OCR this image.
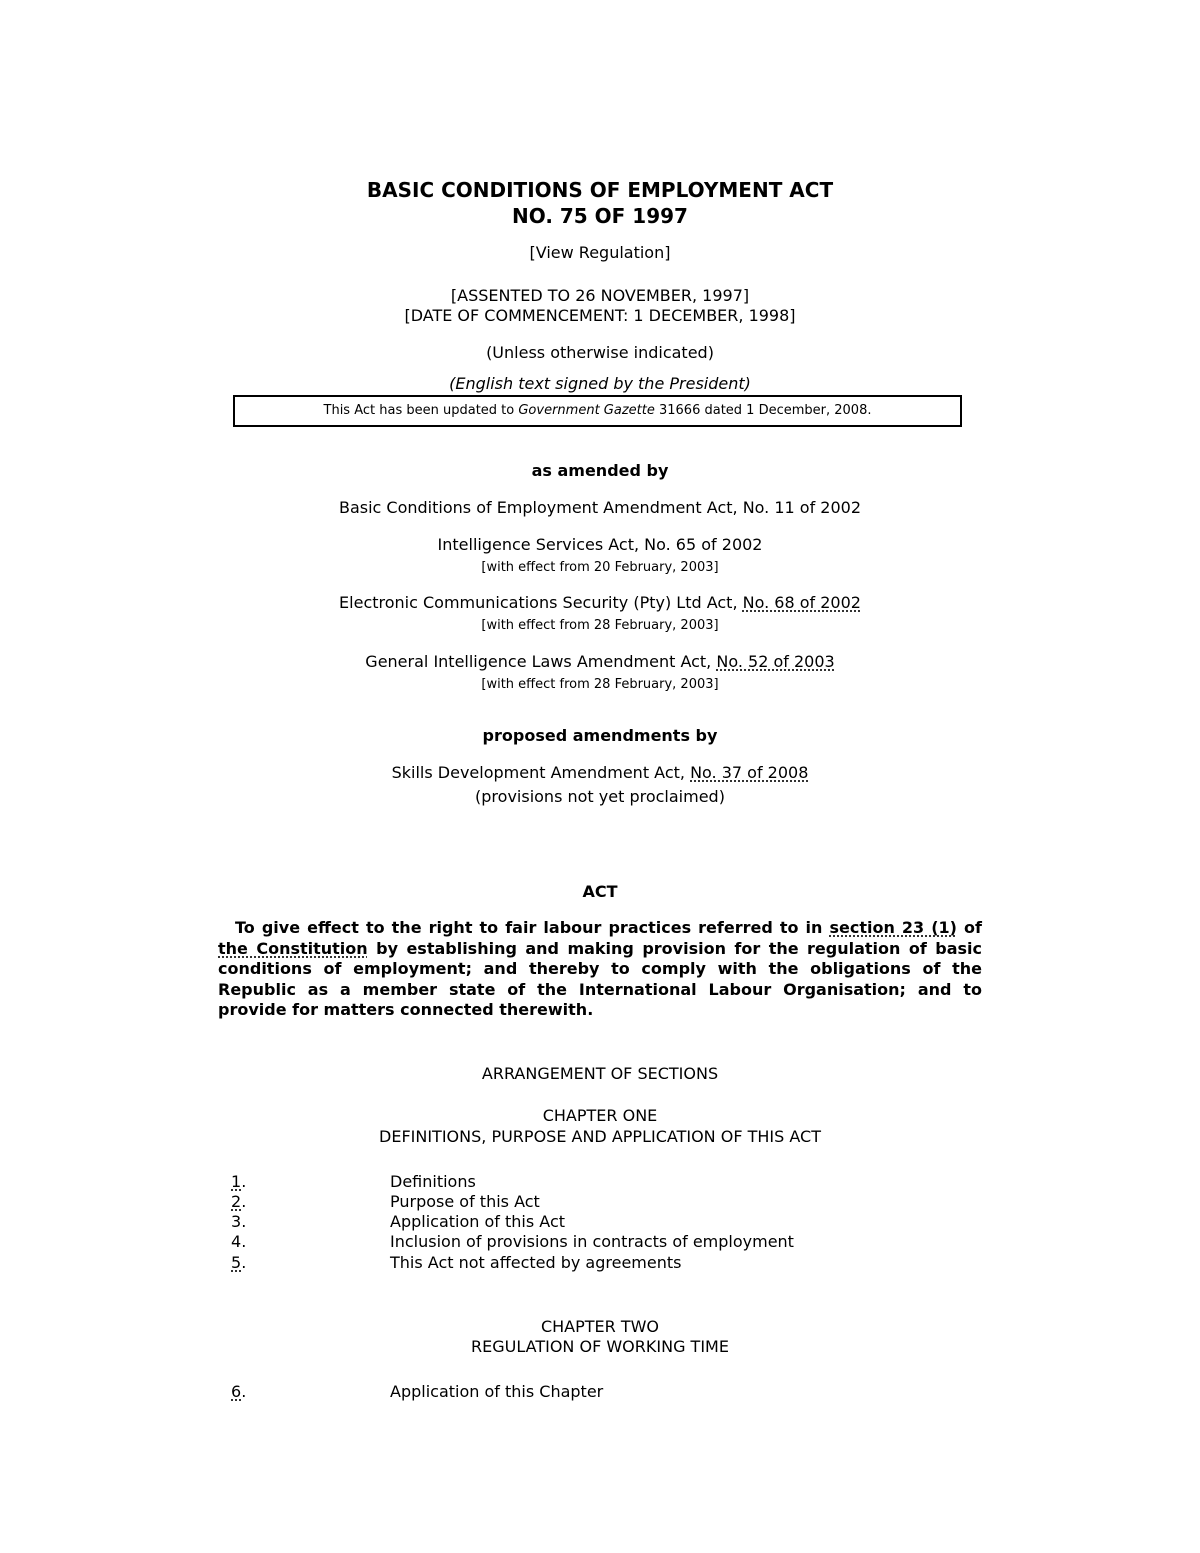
BASIC CONDITIONS OF EMPLOYMENT ACT
NO. 75 OF 1997
[View Regulation]
[ASSENTED TO 26 NOVEMBER, 1997]
[DATE OF COMMENCEMENT: 1 DECEMBER, 1998]
(Unless otherwise indicated)
(English text signed by the President)
This Act has been updated to Government Gazette 31666 dated 1 December, 2008.
as amended by
Basic Conditions of Employment Amendment Act, No. 11 of 2002
Intelligence Services Act, No. 65 of 2002
[with effect from 20 February, 2003]
Electronic Communications Security (Pty) Ltd Act, No. 68 of 2002
[with effect from 28 February, 2003]
General Intelligence Laws Amendment Act, No. 52 of 2003
[with effect from 28 February, 2003]
proposed amendments by
Skills Development Amendment Act, No. 37 of 2008
(provisions not yet proclaimed)
ACT
To give effect to the right to fair labour practices referred to in section 23 (1) of the Constitution by establishing and making provision for the regulation of basic conditions of employment; and thereby to comply with the obligations of the Republic as a member state of the International Labour Organisation; and to provide for matters connected therewith.
ARRANGEMENT OF SECTIONS
CHAPTER ONE
DEFINITIONS, PURPOSE AND APPLICATION OF THIS ACT
1.	Definitions
2.	Purpose of this Act
3.	Application of this Act
4.	Inclusion of provisions in contracts of employment
5.	This Act not affected by agreements
CHAPTER TWO
REGULATION OF WORKING TIME
6.	Application of this Chapter
